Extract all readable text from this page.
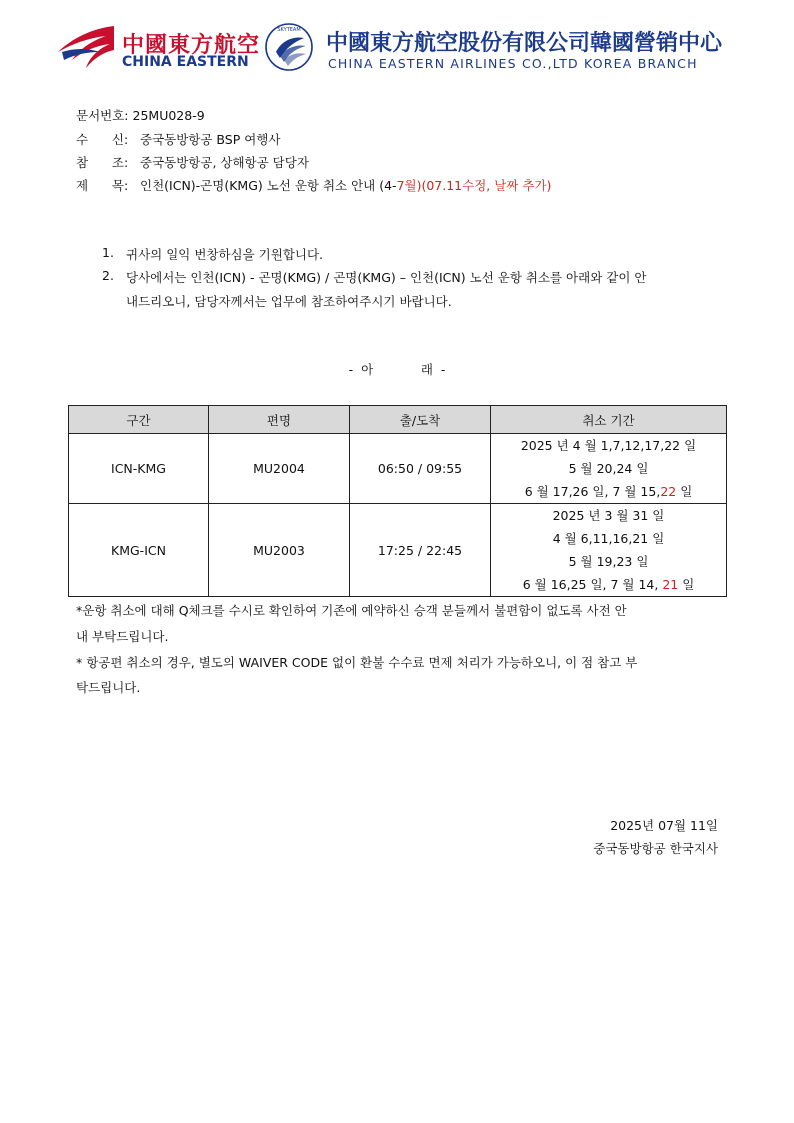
中國東方航空
CHINA EASTERN
SKYTEAM
中國東方航空股份有限公司韓國營销中心
CHINA EASTERN AIRLINES CO.,LTD KOREA BRANCH
문서번호: 25MU028-9
수      신: 중국동방항공 BSP 여행사
참      조: 중국동방항공, 상해항공 담당자
제      목: 인천(ICN)-곤명(KMG) 노선 운항 취소 안내 (4-7월)(07.11수정, 날짜 추가)
1. 귀사의 일익 번창하심을 기원합니다.
2. 당사에서는 인천(ICN) - 곤명(KMG) / 곤명(KMG) – 인천(ICN) 노선 운항 취소를 아래와 같이 안
내드리오니, 담당자께서는 업무에 참조하여주시기 바랍니다.
-  아            래  -
구간	편명	출/도착	취소 기간
ICN-KMG	MU2004	06:50 / 09:55	2025 년 4 월 1,7,12,17,22 일
5 월 20,24 일
6 월 17,26 일, 7 월 15,22 일

KMG-ICN	MU2003	17:25 / 22:45	2025 년 3 월 31 일
4 월 6,11,16,21 일
5 월 19,23 일
6 월 16,25 일, 7 월 14, 21 일
*운항 취소에 대해 Q체크를 수시로 확인하여 기존에 예약하신 승객 분들께서 불편함이 없도록 사전 안
내 부탁드립니다.
* 항공편 취소의 경우, 별도의 WAIVER CODE 없이 환불 수수료 면제 처리가 가능하오니, 이 점 참고 부
탁드립니다.
2025년 07월 11일
중국동방항공 한국지사
